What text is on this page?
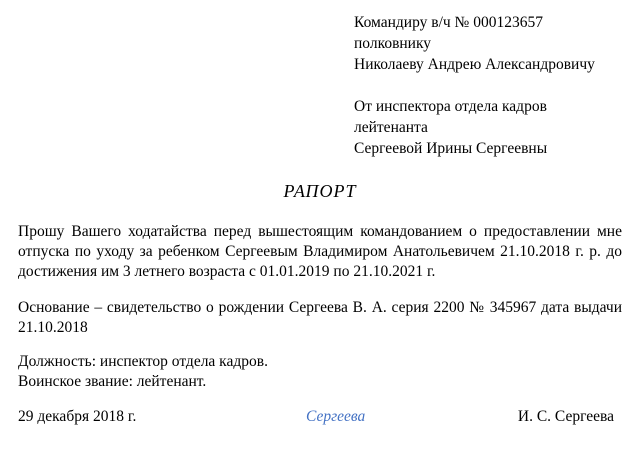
Командиру в/ч № 000123657
полковнику
Николаеву Андрею Александровичу
От инспектора отдела кадров
лейтенанта
Сергеевой Ирины Сергеевны
РАПОРТ
Прошу Вашего ходатайства перед вышестоящим командованием о предоставлении мне отпуска по уходу за ребенком Сергеевым Владимиром Анатольевичем 21.10.2018 г. р. до достижения им 3 летнего возраста с 01.01.2019 по 21.10.2021 г.
Основание – свидетельство о рождении Сергеева В. А. серия 2200 № 345967 дата выдачи 21.10.2018
Должность: инспектор отдела кадров.
Воинское звание: лейтенант.
29 декабря 2018 г.	Сергеева	И. С. Сергеева
